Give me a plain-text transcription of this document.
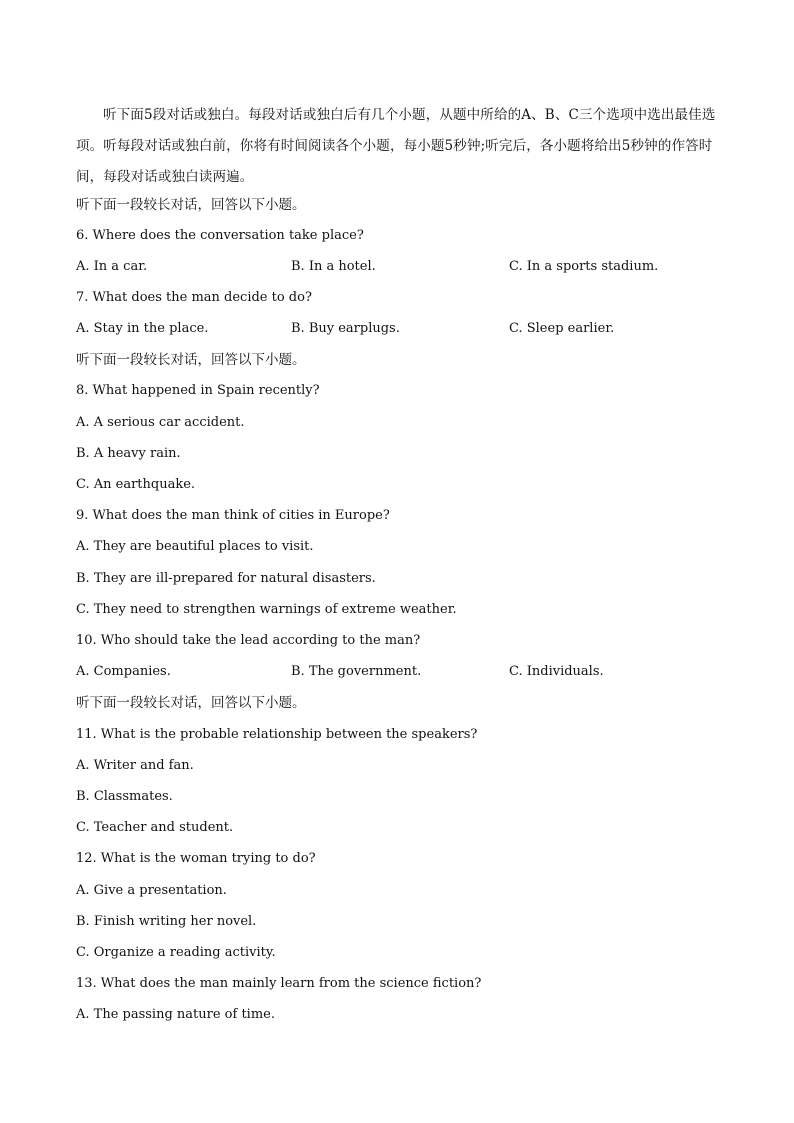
听下面5段对话或独白。每段对话或独白后有几个小题，从题中所给的A、B、C三个选项中选出最佳选项。听每段对话或独白前，你将有时间阅读各个小题，每小题5秒钟;听完后，各小题将给出5秒钟的作答时间，每段对话或独白读两遍。

听下面一段较长对话，回答以下小题。

6. Where does the conversation take place?

A. In a car.	B. In a hotel.	C. In a sports stadium.

7. What does the man decide to do?

A. Stay in the place.	B. Buy earplugs.	C. Sleep earlier.

听下面一段较长对话，回答以下小题。

8. What happened in Spain recently?

A. A serious car accident.

B. A heavy rain.

C. An earthquake.

9. What does the man think of cities in Europe?

A. They are beautiful places to visit.

B. They are ill-prepared for natural disasters.

C. They need to strengthen warnings of extreme weather.

10. Who should take the lead according to the man?

A. Companies.	B. The government.	C. Individuals.

听下面一段较长对话，回答以下小题。

11. What is the probable relationship between the speakers?

A. Writer and fan.

B. Classmates.

C. Teacher and student.

12. What is the woman trying to do?

A. Give a presentation.

B. Finish writing her novel.

C. Organize a reading activity.

13. What does the man mainly learn from the science fiction?

A. The passing nature of time.
